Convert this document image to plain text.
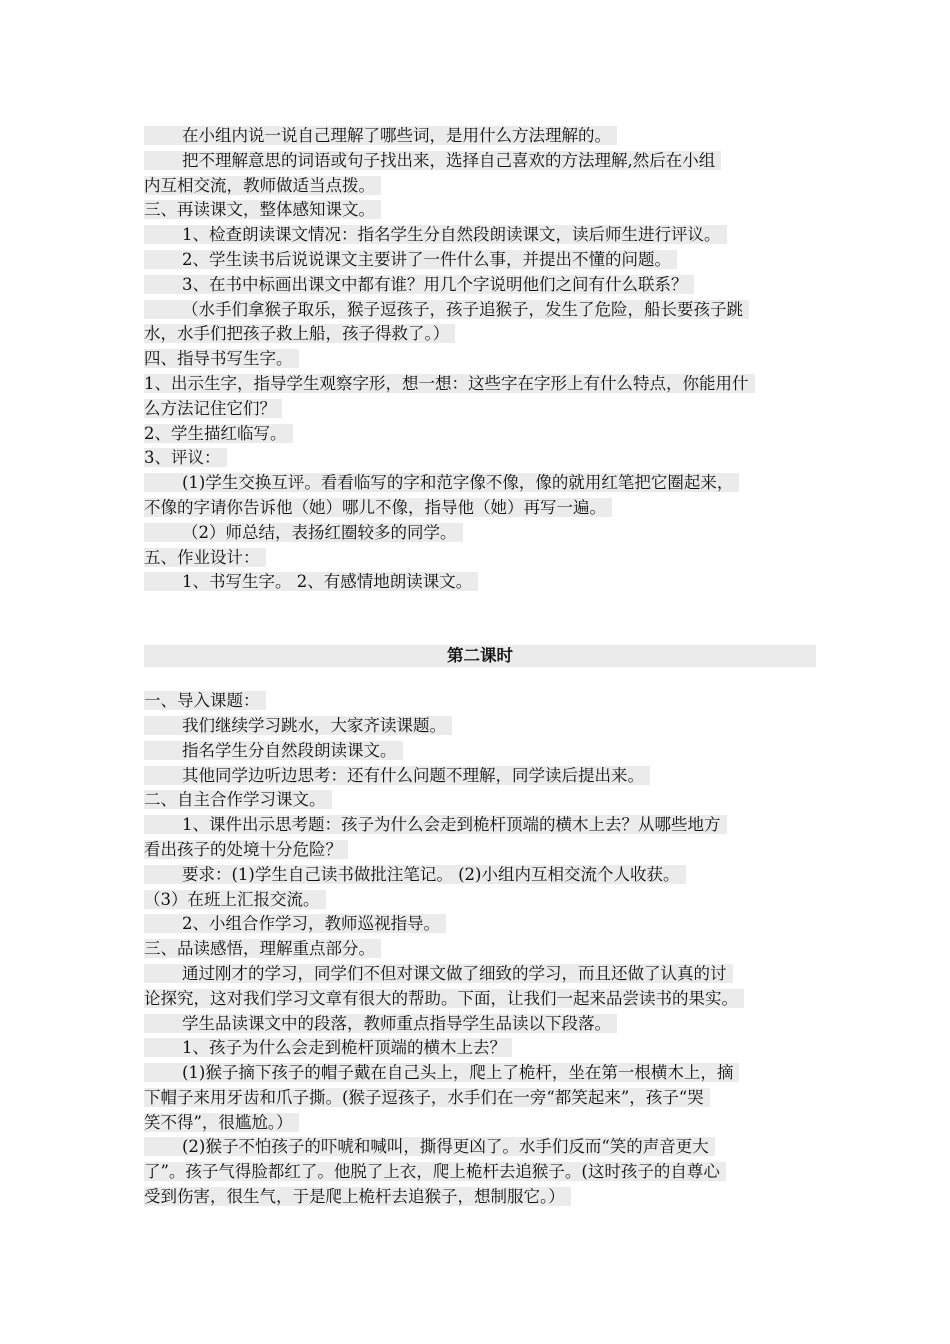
在小组内说一说自己理解了哪些词，是用什么方法理解的。
把不理解意思的词语或句子找出来，选择自己喜欢的方法理解,然后在小组
内互相交流，教师做适当点拨。
三、再读课文，整体感知课文。
1、检查朗读课文情况：指名学生分自然段朗读课文，读后师生进行评议。
2、学生读书后说说课文主要讲了一件什么事，并提出不懂的问题。
3、在书中标画出课文中都有谁？用几个字说明他们之间有什么联系？
（水手们拿猴子取乐，猴子逗孩子，孩子追猴子，发生了危险，船长要孩子跳
水，水手们把孩子救上船，孩子得救了。）
四、指导书写生字。
1、出示生字，指导学生观察字形，想一想：这些字在字形上有什么特点，你能用什
么方法记住它们？
2、学生描红临写。
3、评议：
(1)学生交换互评。看看临写的字和范字像不像，像的就用红笔把它圈起来，
不像的字请你告诉他（她）哪儿不像，指导他（她）再写一遍。
（2）师总结，表扬红圈较多的同学。
五、作业设计：
1、书写生字。 2、有感情地朗读课文。
第二课时
一、导入课题：
我们继续学习跳水，大家齐读课题。
指名学生分自然段朗读课文。
其他同学边听边思考：还有什么问题不理解，同学读后提出来。
二、自主合作学习课文。
1、课件出示思考题：孩子为什么会走到桅杆顶端的横木上去？从哪些地方
看出孩子的处境十分危险？
要求：(1)学生自己读书做批注笔记。 (2)小组内互相交流个人收获。
（3）在班上汇报交流。
2、小组合作学习，教师巡视指导。
三、品读感悟，理解重点部分。
通过刚才的学习，同学们不但对课文做了细致的学习，而且还做了认真的讨
论探究，这对我们学习文章有很大的帮助。下面，让我们一起来品尝读书的果实。
学生品读课文中的段落，教师重点指导学生品读以下段落。
1、孩子为什么会走到桅杆顶端的横木上去？
(1)猴子摘下孩子的帽子戴在自己头上，爬上了桅杆，坐在第一根横木上，摘
下帽子来用牙齿和爪子撕。(猴子逗孩子，水手们在一旁“都笑起来”，孩子“哭
笑不得”，很尴尬。）
(2)猴子不怕孩子的吓唬和喊叫，撕得更凶了。水手们反而“笑的声音更大
了”。孩子气得脸都红了。他脱了上衣，爬上桅杆去追猴子。(这时孩子的自尊心
受到伤害，很生气，于是爬上桅杆去追猴子，想制服它。）
